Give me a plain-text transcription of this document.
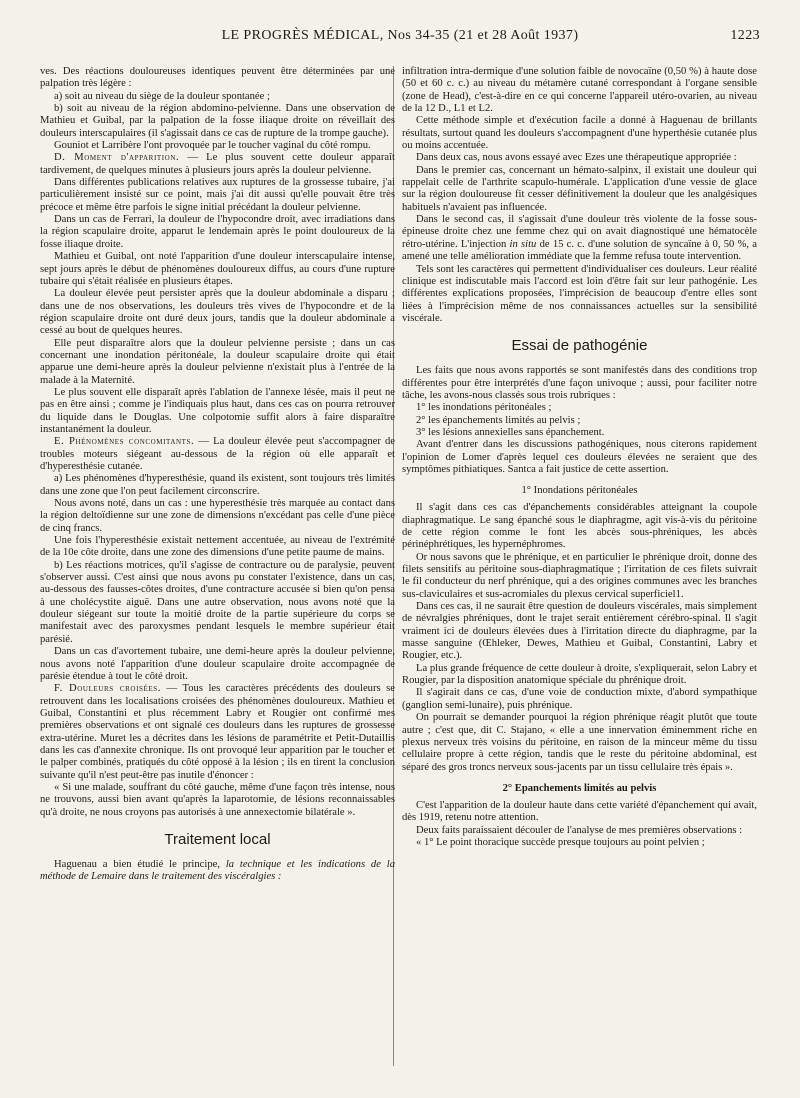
LE PROGRÈS MÉDICAL, Nos 34-35 (21 et 28 Août 1937)	1223

ves. Des réactions douloureuses identiques peuvent être déterminées par une palpation très légère :

a) soit au niveau du siège de la douleur spontanée ;

b) soit au niveau de la région abdomino-pelvienne. Dans une observation de Mathieu et Guibal, par la palpation de la fosse iliaque droite on réveillait des douleurs interscapulaires (il s'agissait dans ce cas de rupture de la trompe gauche).

Gouniot et Larribère l'ont provoquée par le toucher vaginal du côté rompu.

D. Moment d'apparition. — Le plus souvent cette douleur apparaît tardivement, de quelques minutes à plusieurs jours après la douleur pelvienne.

Dans différentes publications relatives aux ruptures de la grossesse tubaire, j'ai particulièrement insisté sur ce point, mais j'ai dit aussi qu'elle pouvait être très précoce et même être parfois le signe initial précédant la douleur pelvienne.

Dans un cas de Ferrari, la douleur de l'hypocondre droit, avec irradiations dans la région scapulaire droite, apparut le lendemain après le point douloureux de la fosse iliaque droite.

Mathieu et Guibal, ont noté l'apparition d'une douleur interscapulaire intense, sept jours après le début de phénomènes douloureux diffus, au cours d'une rupture tubaire qui s'était réalisée en plusieurs étapes.

La douleur élevée peut persister après que la douleur abdominale a disparu ; dans une de nos observations, les douleurs très vives de l'hypocondre et de la région scapulaire droite ont duré deux jours, tandis que la douleur abdominale a cessé au bout de quelques heures.

Elle peut disparaître alors que la douleur pelvienne persiste ; dans un cas concernant une inondation péritonéale, la douleur scapulaire droite qui était apparue une demi-heure après la douleur pelvienne n'existait plus à l'entrée de la malade à la Maternité.

Le plus souvent elle disparaît après l'ablation de l'annexe lésée, mais il peut ne pas en être ainsi ; comme je l'indiquais plus haut, dans ces cas on pourra retrouver du liquide dans le Douglas. Une colpotomie suffit alors à faire disparaître instantanément la douleur.

E. Phénomènes concomitants. — La douleur élevée peut s'accompagner de troubles moteurs siégeant au-dessous de la région où elle apparaît et d'hyperesthésie cutanée.

a) Les phénomènes d'hyperesthésie, quand ils existent, sont toujours très limités dans une zone que l'on peut facilement circonscrire.

Nous avons noté, dans un cas : une hyperesthésie très marquée au contact dans la région deltoïdienne sur une zone de dimensions n'excédant pas celle d'une pièce de cinq francs.

Une fois l'hyperesthésie existait nettement accentuée, au niveau de l'extrémité de la 10e côte droite, dans une zone des dimensions d'une petite paume de mains.

b) Les réactions motrices, qu'il s'agisse de contracture ou de paralysie, peuvent s'observer aussi. C'est ainsi que nous avons pu constater l'existence, dans un cas, au-dessous des fausses-côtes droites, d'une contracture accusée si bien qu'on pensa à une cholécystite aiguë. Dans une autre observation, nous avons noté que la douleur siégeant sur toute la moitié droite de la partie supérieure du corps se manifestait avec des paroxysmes pendant lesquels le membre supérieur était parésié.

Dans un cas d'avortement tubaire, une demi-heure après la douleur pelvienne, nous avons noté l'apparition d'une douleur scapulaire droite accompagnée de parésie étendue à tout le côté droit.

F. Douleurs croisées. — Tous les caractères précédents des douleurs se retrouvent dans les localisations croisées des phénomènes douloureux. Mathieu et Guibal, Constantini et plus récemment Labry et Rougier ont confirmé mes premières observations et ont signalé ces douleurs dans les ruptures de grossesse extra-utérine. Muret les a décrites dans les lésions de paramétrite et Petit-Dutaillis dans les cas d'annexite chronique. Ils ont provoqué leur apparition par le toucher et le palper combinés, pratiqués du côté opposé à la lésion ; ils en tirent la conclusion suivante qu'il n'est peut-être pas inutile d'énoncer :

« Si une malade, souffrant du côté gauche, même d'une façon très intense, nous ne trouvons, aussi bien avant qu'après la laparotomie, de lésions reconnaissables qu'à droite, ne nous croyons pas autorisés à une annexectomie bilatérale ».

Traitement local

Haguenau a bien étudié le principe, la technique et les indications de la méthode de Lemaire dans le traitement des viscéralgies :

infiltration intra-dermique d'une solution faible de novocaïne (0,50 %) à haute dose (50 et 60 c. c.) au niveau du métamère cutané correspondant à l'organe sensible (zone de Head), c'est-à-dire en ce qui concerne l'appareil utéro-ovarien, au niveau de la 12 D., L1 et L2.

Cette méthode simple et d'exécution facile a donné à Haguenau de brillants résultats, surtout quand les douleurs s'accompagnent d'une hyperthésie cutanée plus ou moins accentuée.

Dans deux cas, nous avons essayé avec Ezes une thérapeutique appropriée :

Dans le premier cas, concernant un hémato-salpinx, il existait une douleur qui rappelait celle de l'arthrite scapulo-humérale. L'application d'une vessie de glace sur la région douloureuse fit cesser définitivement la douleur que les analgésiques habituels n'avaient pas influencée.

Dans le second cas, il s'agissait d'une douleur très violente de la fosse sous-épineuse droite chez une femme chez qui on avait diagnostiqué une hématocèle rétro-utérine. L'injection in situ de 15 c. c. d'une solution de syncaïne à 0, 50 %, a amené une telle amélioration immédiate que la femme refusa toute intervention.

Tels sont les caractères qui permettent d'individualiser ces douleurs. Leur réalité clinique est indiscutable mais l'accord est loin d'être fait sur leur pathogénie. Les différentes explications proposées, l'imprécision de beaucoup d'entre elles sont liées à l'imprécision même de nos connaissances actuelles sur la sensibilité viscérale.

Essai de pathogénie

Les faits que nous avons rapportés se sont manifestés dans des conditions trop différentes pour être interprétés d'une façon univoque ; aussi, pour faciliter notre tâche, les avons-nous classés sous trois rubriques :

1° les inondations péritonéales ;

2° les épanchements limités au pelvis ;

3° les lésions annexielles sans épanchement.

Avant d'entrer dans les discussions pathogéniques, nous citerons rapidement l'opinion de Lomer d'après lequel ces douleurs élevées ne seraient que des symptômes pithiatiques. Santca a fait justice de cette assertion.

1° Inondations péritonéales

Il s'agit dans ces cas d'épanchements considérables atteignant la coupole diaphragmatique. Le sang épanché sous le diaphragme, agit vis-à-vis du péritoine de cette région comme le font les abcès sous-phréniques, les abcès périnéphrétiques, les hypernéphromes.

Or nous savons que le phrénique, et en particulier le phrénique droit, donne des filets sensitifs au péritoine sous-diaphragmatique ; l'irritation de ces filets suivrait le fil conducteur du nerf phrénique, qui a des origines communes avec les branches sus-claviculaires et sus-acromiales du plexus cervical superficiel1.

Dans ces cas, il ne saurait être question de douleurs viscérales, mais simplement de névralgies phréniques, dont le trajet serait entièrement cérébro-spinal. Il s'agit vraiment ici de douleurs élevées dues à l'irritation directe du diaphragme, par la masse sanguine (Œhleker, Dewes, Mathieu et Guibal, Constantini, Labry et Rougier, etc.).

La plus grande fréquence de cette douleur à droite, s'expliquerait, selon Labry et Rougier, par la disposition anatomique spéciale du phrénique droit.

Il s'agirait dans ce cas, d'une voie de conduction mixte, d'abord sympathique (ganglion semi-lunaire), puis phrénique.

On pourrait se demander pourquoi la région phrénique réagit plutôt que toute autre ; c'est que, dit C. Stajano, « elle a une innervation éminemment riche en plexus nerveux très voisins du péritoine, en raison de la minceur même du tissu cellulaire propre à cette région, tandis que le reste du péritoine abdominal, est séparé des gros troncs nerveux sous-jacents par un tissu cellulaire très épais ».

2° Epanchements limités au pelvis

C'est l'apparition de la douleur haute dans cette variété d'épanchement qui avait, dès 1919, retenu notre attention.

Deux faits paraissaient découler de l'analyse de mes premières observations :

« 1° Le point thoracique succède presque toujours au point pelvien ;
